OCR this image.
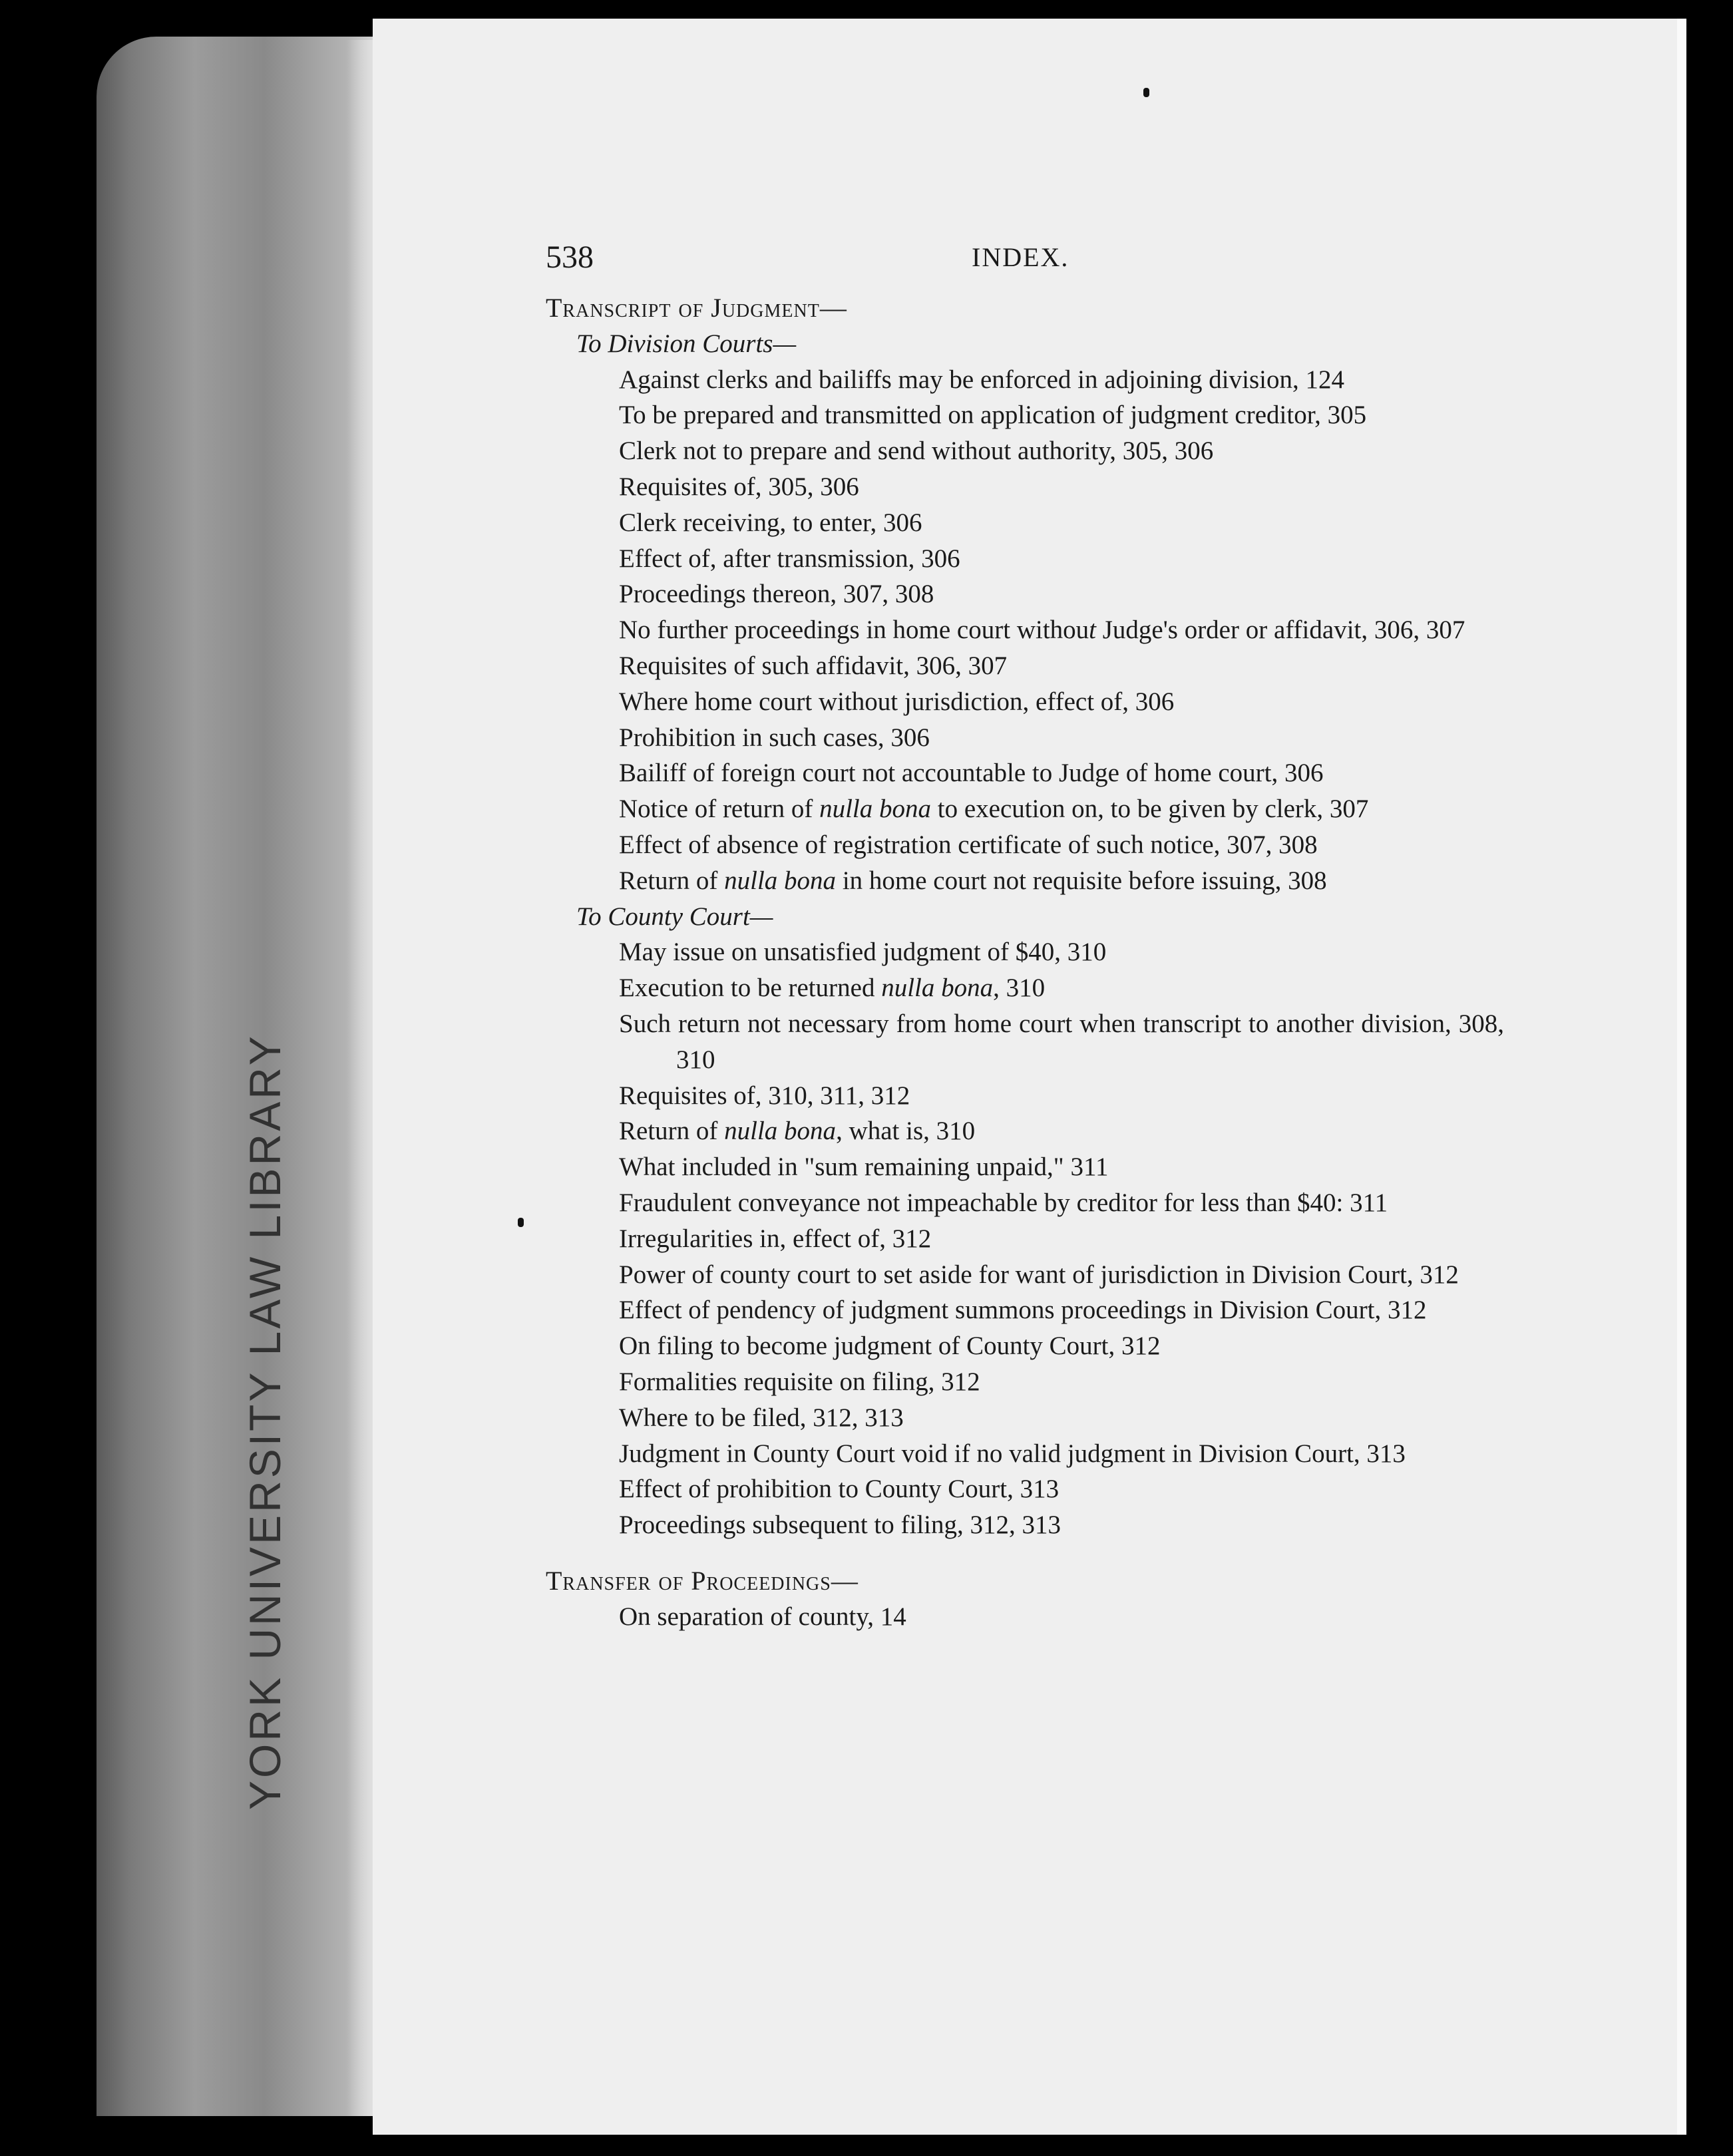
YORK UNIVERSITY LAW LIBRARY
538	INDEX.
Transcript of Judgment—
To Division Courts—
Against clerks and bailiffs may be enforced in adjoining division, 124
To be prepared and transmitted on application of judgment creditor, 305
Clerk not to prepare and send without authority, 305, 306
Requisites of, 305, 306
Clerk receiving, to enter, 306
Effect of, after transmission, 306
Proceedings thereon, 307, 308
No further proceedings in home court without Judge's order or affidavit, 306, 307
Requisites of such affidavit, 306, 307
Where home court without jurisdiction, effect of, 306
Prohibition in such cases, 306
Bailiff of foreign court not accountable to Judge of home court, 306
Notice of return of nulla bona to execution on, to be given by clerk, 307
Effect of absence of registration certificate of such notice, 307, 308
Return of nulla bona in home court not requisite before issuing, 308
To County Court—
May issue on unsatisfied judgment of $40, 310
Execution to be returned nulla bona, 310
Such return not necessary from home court when transcript to another division, 308, 310
Requisites of, 310, 311, 312
Return of nulla bona, what is, 310
What included in "sum remaining unpaid," 311
Fraudulent conveyance not impeachable by creditor for less than $40: 311
Irregularities in, effect of, 312
Power of county court to set aside for want of jurisdiction in Division Court, 312
Effect of pendency of judgment summons proceedings in Division Court, 312
On filing to become judgment of County Court, 312
Formalities requisite on filing, 312
Where to be filed, 312, 313
Judgment in County Court void if no valid judgment in Division Court, 313
Effect of prohibition to County Court, 313
Proceedings subsequent to filing, 312, 313
Transfer of Proceedings—
On separation of county, 14
